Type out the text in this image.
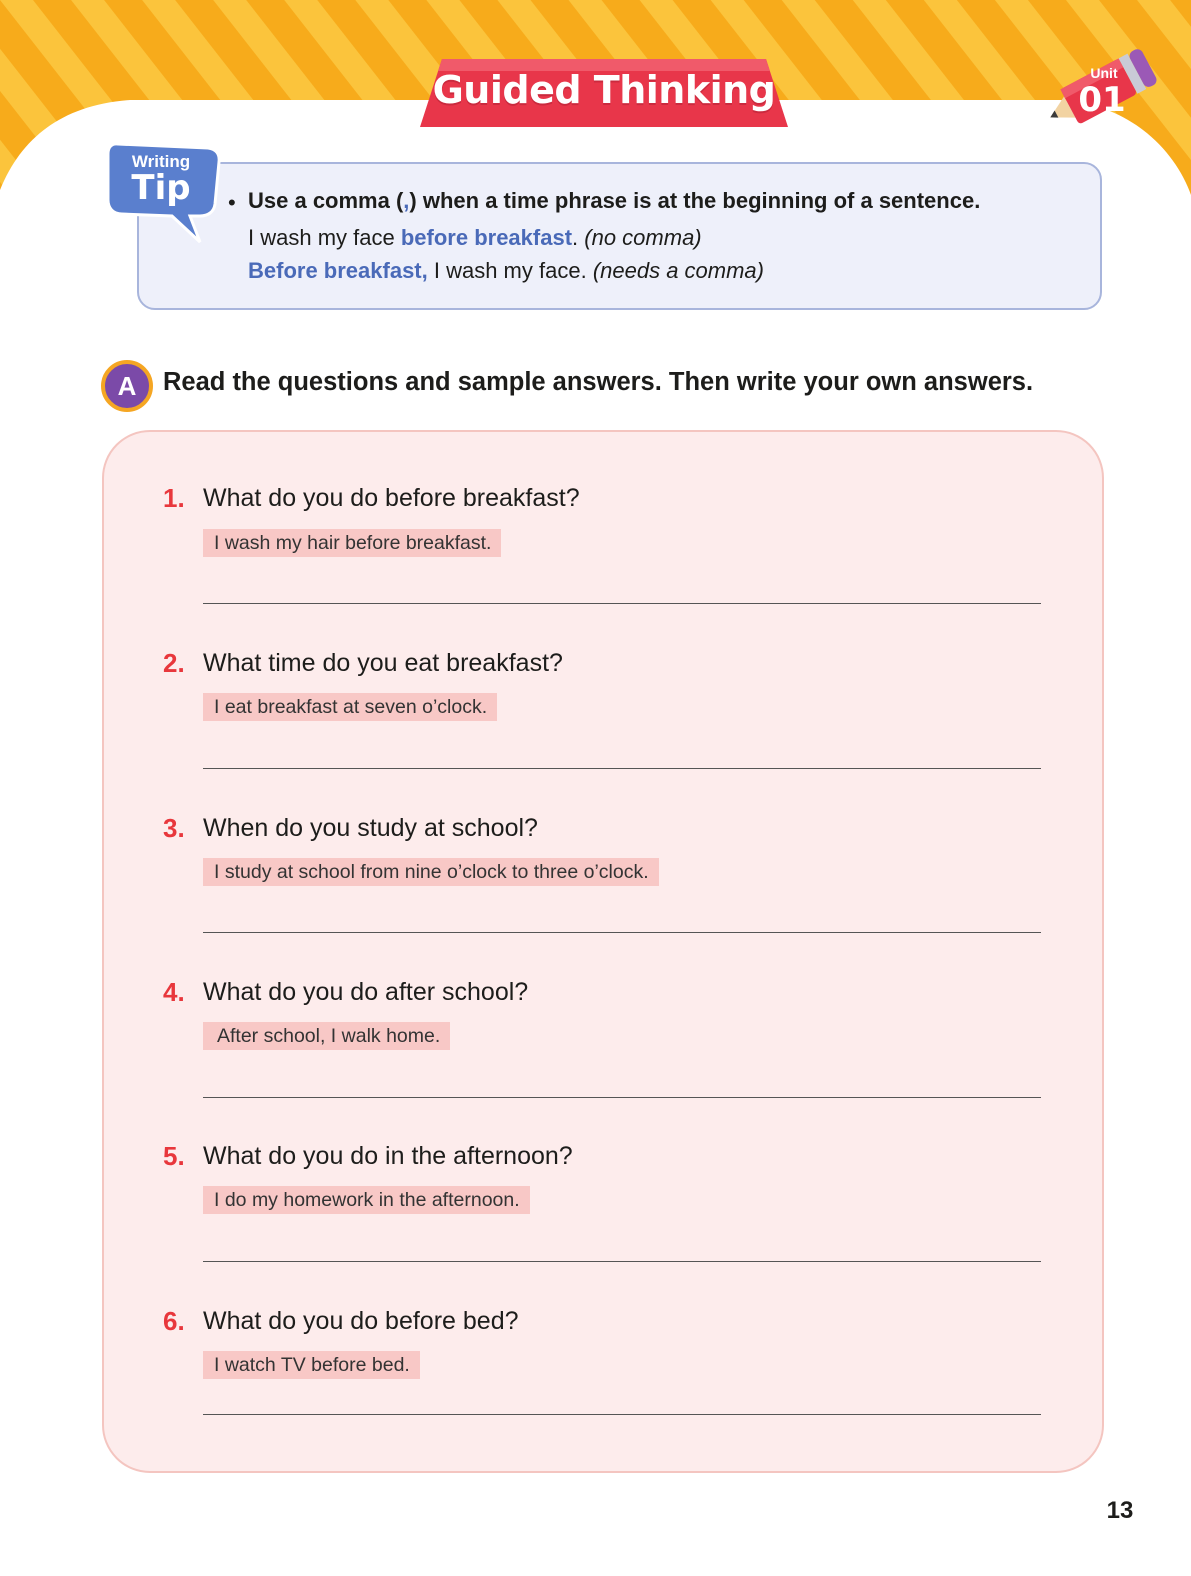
Guided Thinking	Unit
01
Writing
Tip	• Use a comma (,) when a time phrase is at the beginning of a sentence.
I wash my face before breakfast. (no comma)
Before breakfast, I wash my face. (needs a comma)
A Read the questions and sample answers. Then write your own answers.
1. What do you do before breakfast?
I wash my hair before breakfast.
2. What time do you eat breakfast?
I eat breakfast at seven o’clock.
3. When do you study at school?
I study at school from nine o’clock to three o’clock.
4. What do you do after school?
After school, I walk home.
5. What do you do in the afternoon?
I do my homework in the afternoon.
6. What do you do before bed?
I watch TV before bed.
13
